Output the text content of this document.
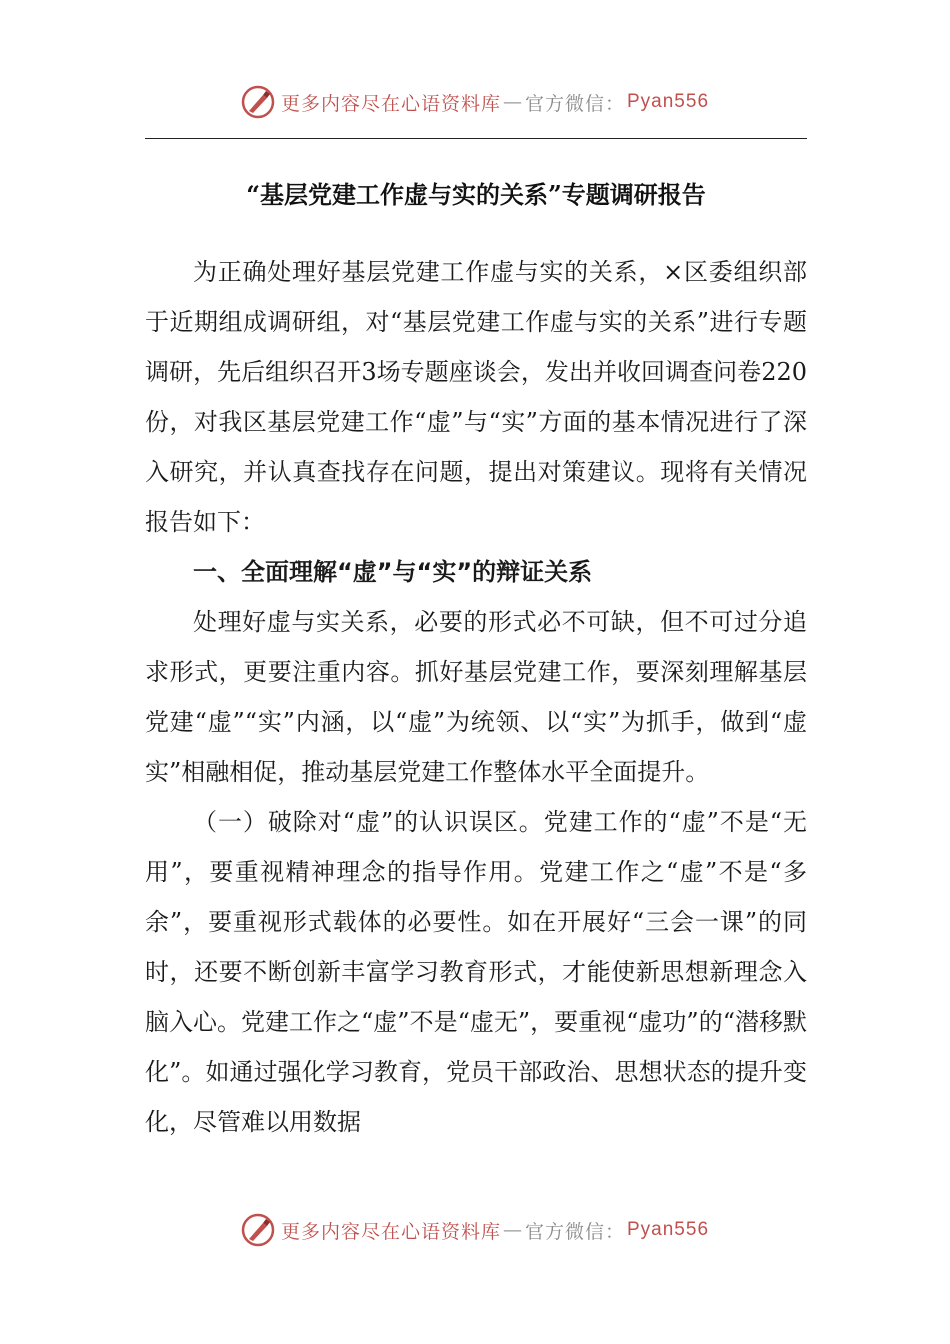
更多内容尽在心语资料库 — 官方微信： Pyan556
“基层党建工作虚与实的关系”专题调研报告

为正确处理好基层党建工作虚与实的关系，×区委组织部于近期组成调研组，对“基层党建工作虚与实的关系”进行专题调研，先后组织召开3场专题座谈会，发出并收回调查问卷220份，对我区基层党建工作“虚”与“实”方面的基本情况进行了深入研究，并认真查找存在问题，提出对策建议。现将有关情况报告如下：

一、全面理解“虚”与“实”的辩证关系

处理好虚与实关系，必要的形式必不可缺，但不可过分追求形式，更要注重内容。抓好基层党建工作，要深刻理解基层党建“虚”“实”内涵，以“虚”为统领、以“实”为抓手，做到“虚实”相融相促，推动基层党建工作整体水平全面提升。

（一）破除对“虚”的认识误区。党建工作的“虚”不是“无用”，要重视精神理念的指导作用。党建工作之“虚”不是“多余”，要重视形式载体的必要性。如在开展好“三会一课”的同时，还要不断创新丰富学习教育形式，才能使新思想新理念入脑入心。党建工作之“虚”不是“虚无”，要重视“虚功”的“潜移默化”。如通过强化学习教育，党员干部政治、思想状态的提升变化，尽管难以用数据

更多内容尽在心语资料库 — 官方微信： Pyan556
